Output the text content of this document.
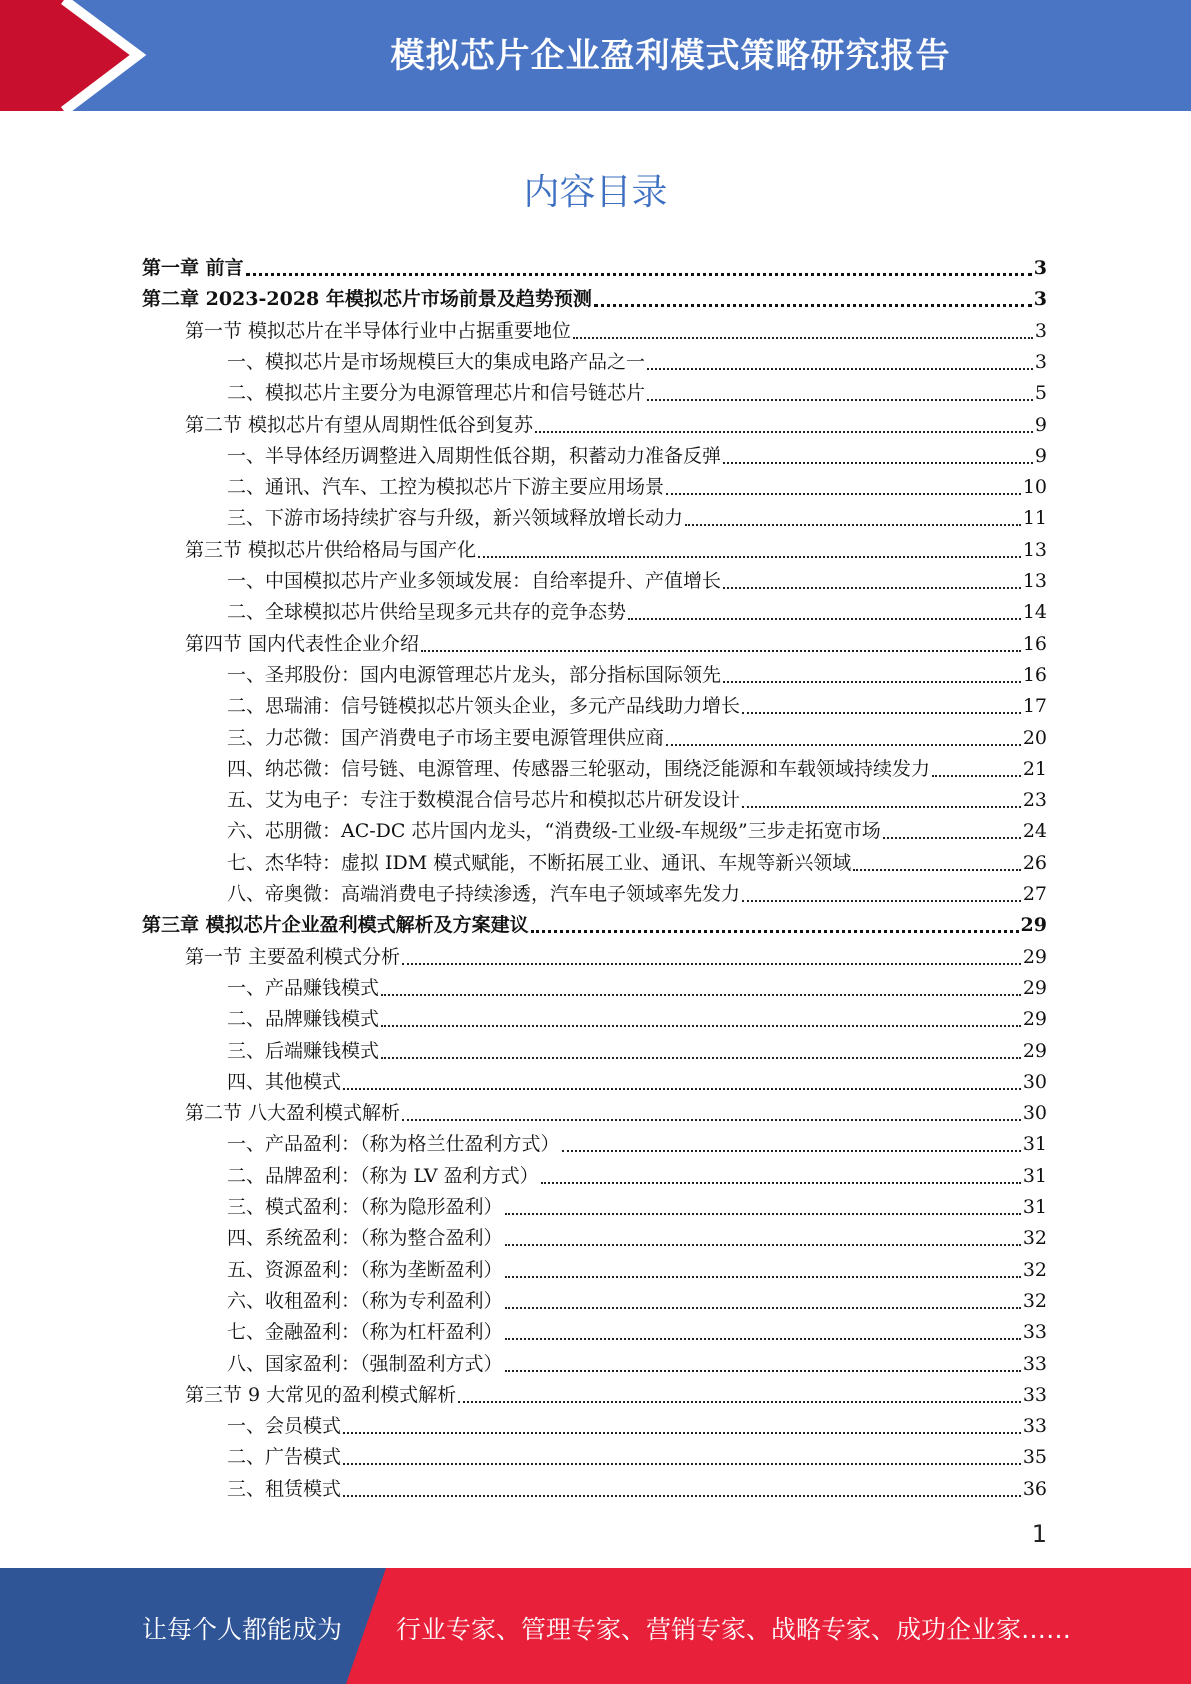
模拟芯片企业盈利模式策略研究报告
内容目录
第一章 前言	3
第二章 2023-2028 年模拟芯片市场前景及趋势预测	3
第一节 模拟芯片在半导体行业中占据重要地位	3
一、模拟芯片是市场规模巨大的集成电路产品之一	3
二、模拟芯片主要分为电源管理芯片和信号链芯片	5
第二节 模拟芯片有望从周期性低谷到复苏	9
一、半导体经历调整进入周期性低谷期，积蓄动力准备反弹	9
二、通讯、汽车、工控为模拟芯片下游主要应用场景	10
三、下游市场持续扩容与升级，新兴领域释放增长动力	11
第三节 模拟芯片供给格局与国产化	13
一、中国模拟芯片产业多领域发展：自给率提升、产值增长	13
二、全球模拟芯片供给呈现多元共存的竞争态势	14
第四节 国内代表性企业介绍	16
一、圣邦股份：国内电源管理芯片龙头，部分指标国际领先	16
二、思瑞浦：信号链模拟芯片领头企业，多元产品线助力增长	17
三、力芯微：国产消费电子市场主要电源管理供应商	20
四、纳芯微：信号链、电源管理、传感器三轮驱动，围绕泛能源和车载领域持续发力	21
五、艾为电子：专注于数模混合信号芯片和模拟芯片研发设计	23
六、芯朋微：AC-DC 芯片国内龙头，“消费级-工业级-车规级”三步走拓宽市场	24
七、杰华特：虚拟 IDM 模式赋能，不断拓展工业、通讯、车规等新兴领域	26
八、帝奥微：高端消费电子持续渗透，汽车电子领域率先发力	27
第三章 模拟芯片企业盈利模式解析及方案建议	29
第一节 主要盈利模式分析	29
一、产品赚钱模式	29
二、品牌赚钱模式	29
三、后端赚钱模式	29
四、其他模式	30
第二节 八大盈利模式解析	30
一、产品盈利：（称为格兰仕盈利方式）	31
二、品牌盈利：（称为 LV 盈利方式）	31
三、模式盈利：（称为隐形盈利）	31
四、系统盈利：（称为整合盈利）	32
五、资源盈利：（称为垄断盈利）	32
六、收租盈利：（称为专利盈利）	32
七、金融盈利：（称为杠杆盈利）	33
八、国家盈利：（强制盈利方式）	33
第三节 9 大常见的盈利模式解析	33
一、会员模式	33
二、广告模式	35
三、租赁模式	36
1
让每个人都能成为 行业专家、管理专家、营销专家、战略专家、成功企业家……
